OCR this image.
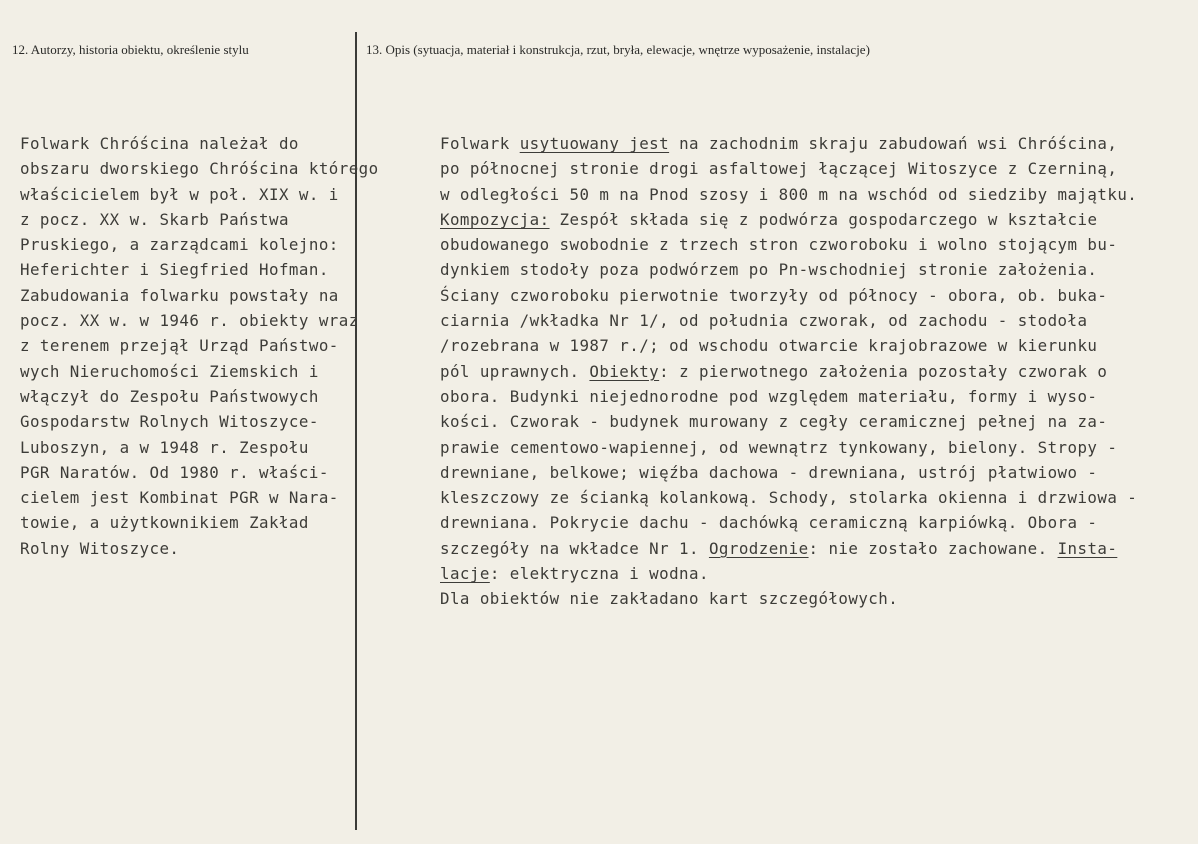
12. Autorzy, historia obiektu, określenie stylu	13. Opis (sytuacja, materiał i konstrukcja, rzut, bryła, elewacje, wnętrze wyposażenie, instalacje)
Folwark Chróścina należał do
obszaru dworskiego Chróścina którego
właścicielem był w poł. XIX w. i
z pocz. XX w. Skarb Państwa
Pruskiego, a zarządcami kolejno:
Heferichter i Siegfried Hofman.
Zabudowania folwarku powstały na
pocz. XX w. w 1946 r. obiekty wraz
z terenem przejął Urząd Państwo-
wych Nieruchomości Ziemskich i
włączył do Zespołu Państwowych
Gospodarstw Rolnych Witoszyce-
Luboszyn, a w 1948 r. Zespołu
PGR Naratów. Od 1980 r. właści-
cielem jest Kombinat PGR w Nara-
towie, a użytkownikiem Zakład
Rolny Witoszyce.
Folwark usytuowany jest na zachodnim skraju zabudowań wsi Chróścina,
po północnej stronie drogi asfaltowej łączącej Witoszyce z Czerniną,
w odległości 50 m na Pnod szosy i 800 m na wschód od siedziby majątku.
Kompozycja: Zespół składa się z podwórza gospodarczego w kształcie
obudowanego swobodnie z trzech stron czworoboku i wolno stojącym bu-
dynkiem stodoły poza podwórzem po Pn-wschodniej stronie założenia.
Ściany czworoboku pierwotnie tworzyły od północy - obora, ob. buka-
ciarnia /wkładka Nr 1/, od południa czworak, od zachodu - stodoła
/rozebrana w 1987 r./; od wschodu otwarcie krajobrazowe w kierunku
pól uprawnych. Obiekty: z pierwotnego założenia pozostały czworak o
obora. Budynki niejednorodne pod względem materiału, formy i wyso-
kości. Czworak - budynek murowany z cegły ceramicznej pełnej na za-
prawie cementowo-wapiennej, od wewnątrz tynkowany, bielony. Stropy -
drewniane, belkowe; więźba dachowa - drewniana, ustrój płatwiowo -
kleszczowy ze ścianką kolankową. Schody, stolarka okienna i drzwiowa -
drewniana. Pokrycie dachu - dachówką ceramiczną karpiówką. Obora -
szczegóły na wkładce Nr 1. Ogrodzenie: nie zostało zachowane. Insta-
lacje: elektryczna i wodna.
Dla obiektów nie zakładano kart szczegółowych.
